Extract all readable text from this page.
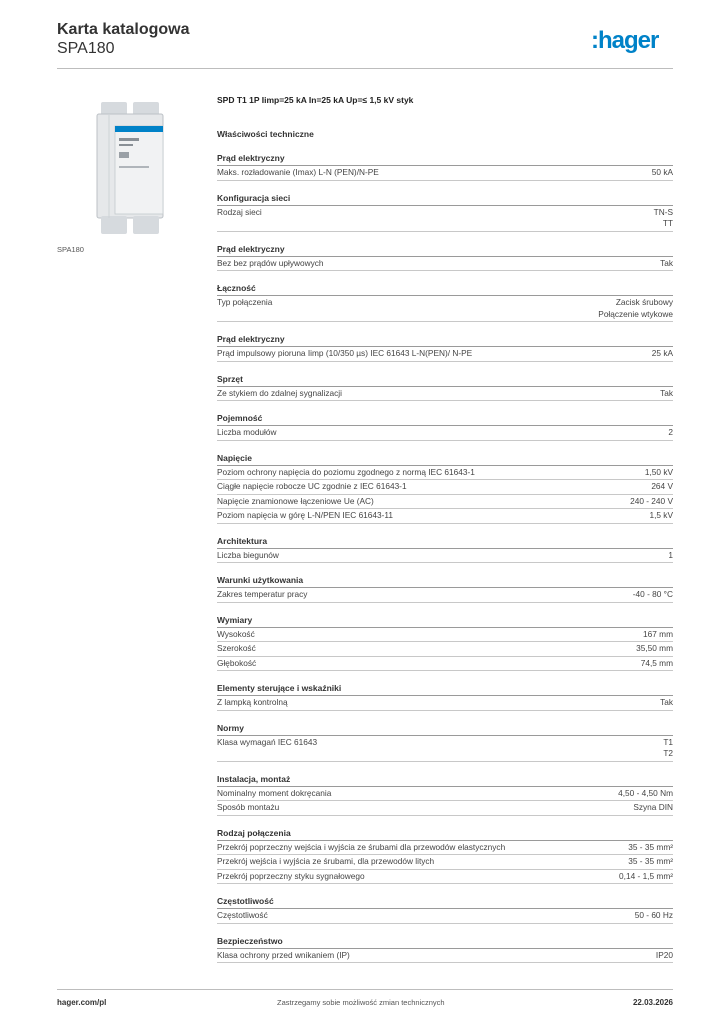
Karta katalogowa
SPA180	:hager
SPA180
SPD T1 1P Iimp=25 kA In=25 kA Up=≤ 1,5 kV styk
Właściwości techniczne
Prąd elektryczny
Maks. rozładowanie (Imax) L-N (PEN)/N-PE	50 kA
Konfiguracja sieci
Rodzaj sieci	TN-S
TT
Prąd elektryczny
Bez bez prądów upływowych	Tak
Łączność
Typ połączenia	Zacisk śrubowy
Połączenie wtykowe
Prąd elektryczny
Prąd impulsowy pioruna Iimp (10/350 µs) IEC 61643 L-N(PEN)/ N-PE	25 kA
Sprzęt
Ze stykiem do zdalnej sygnalizacji	Tak
Pojemność
Liczba modułów	2
Napięcie
Poziom ochrony napięcia do poziomu zgodnego z normą IEC 61643-1	1,50 kV
Ciągłe napięcie robocze UC zgodnie z IEC 61643-1	264 V
Napięcie znamionowe łączeniowe Ue (AC)	240 - 240 V
Poziom napięcia w górę L-N/PEN IEC 61643-11	1,5 kV
Architektura
Liczba biegunów	1
Warunki użytkowania
Zakres temperatur pracy	-40 - 80 °C
Wymiary
Wysokość	167 mm
Szerokość	35,50 mm
Głębokość	74,5 mm
Elementy sterujące i wskaźniki
Z lampką kontrolną	Tak
Normy
Klasa wymagań IEC 61643	T1
T2
Instalacja, montaż
Nominalny moment dokręcania	4,50 - 4,50 Nm
Sposób montażu	Szyna DIN
Rodzaj połączenia
Przekrój poprzeczny wejścia i wyjścia ze śrubami dla przewodów elastycznych	35 - 35 mm²
Przekrój wejścia i wyjścia ze śrubami, dla przewodów litych	35 - 35 mm²
Przekrój poprzeczny styku sygnałowego	0,14 - 1,5 mm²
Częstotliwość
Częstotliwość	50 - 60 Hz
Bezpieczeństwo
Klasa ochrony przed wnikaniem (IP)	IP20
hager.com/pl	Zastrzegamy sobie możliwość zmian technicznych	22.03.2026
